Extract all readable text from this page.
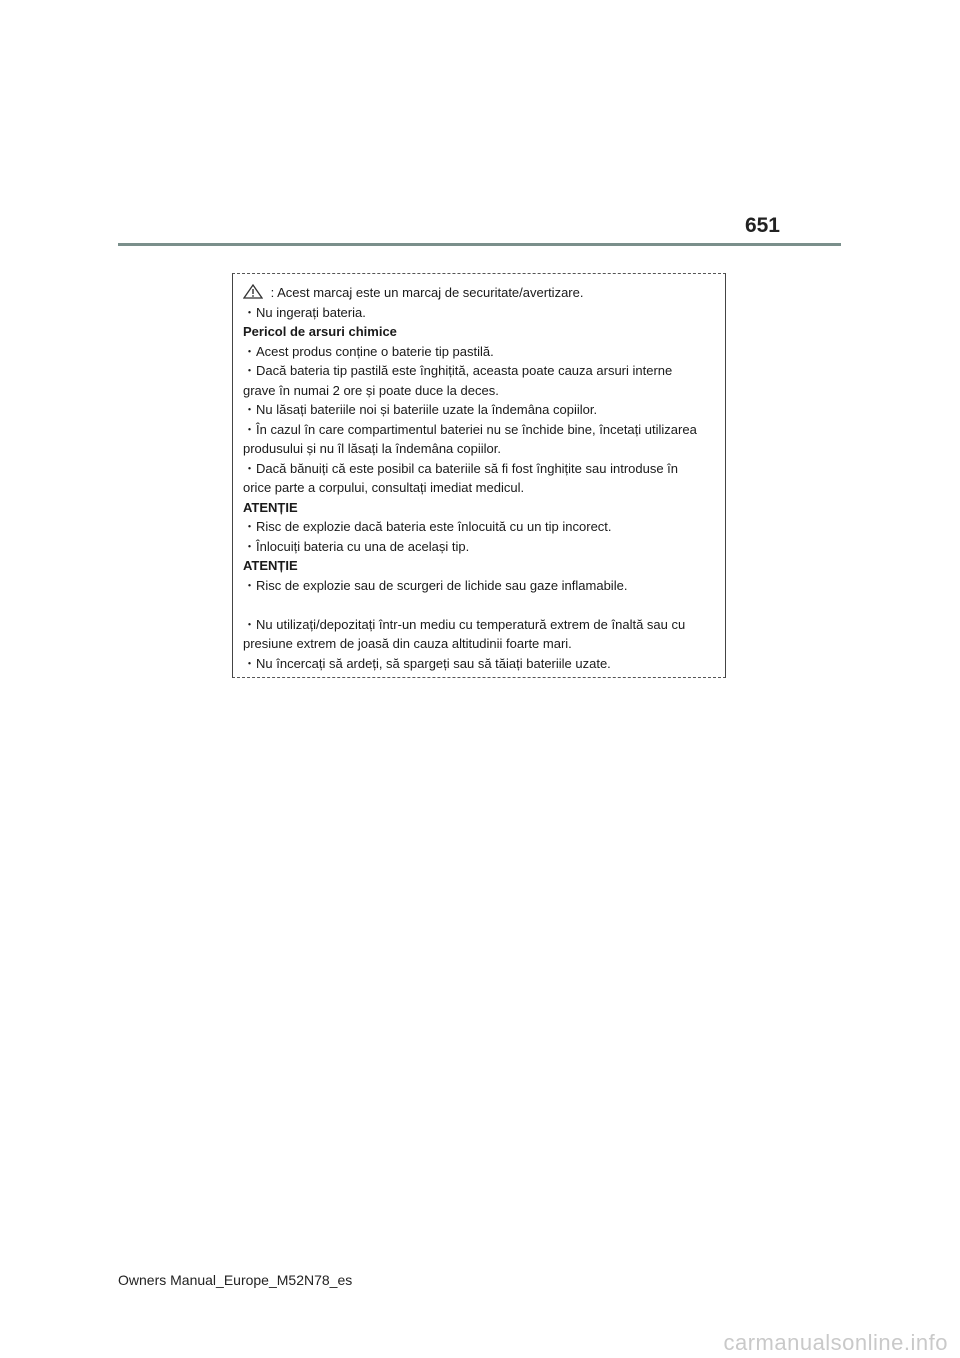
651
: Acest marcaj este un marcaj de securitate/avertizare.
・Nu ingerați bateria.
Pericol de arsuri chimice
・Acest produs conține o baterie tip pastilă.
・Dacă bateria tip pastilă este înghițită, aceasta poate cauza arsuri interne
grave în numai 2 ore și poate duce la deces.
・Nu lăsați bateriile noi și bateriile uzate la îndemâna copiilor.
・În cazul în care compartimentul bateriei nu se închide bine, încetați utilizarea
produsului și nu îl lăsați la îndemâna copiilor.
・Dacă bănuiți că este posibil ca bateriile să fi fost înghițite sau introduse în
orice parte a corpului, consultați imediat medicul.
ATENȚIE
・Risc de explozie dacă bateria este înlocuită cu un tip incorect.
・Înlocuiți bateria cu una de același tip.
ATENȚIE
・Risc de explozie sau de scurgeri de lichide sau gaze inflamabile.
・Nu utilizați/depozitați într-un mediu cu temperatură extrem de înaltă sau cu
presiune extrem de joasă din cauza altitudinii foarte mari.
・Nu încercați să ardeți, să spargeți sau să tăiați bateriile uzate.
Owners Manual_Europe_M52N78_es
carmanualsonline.info
